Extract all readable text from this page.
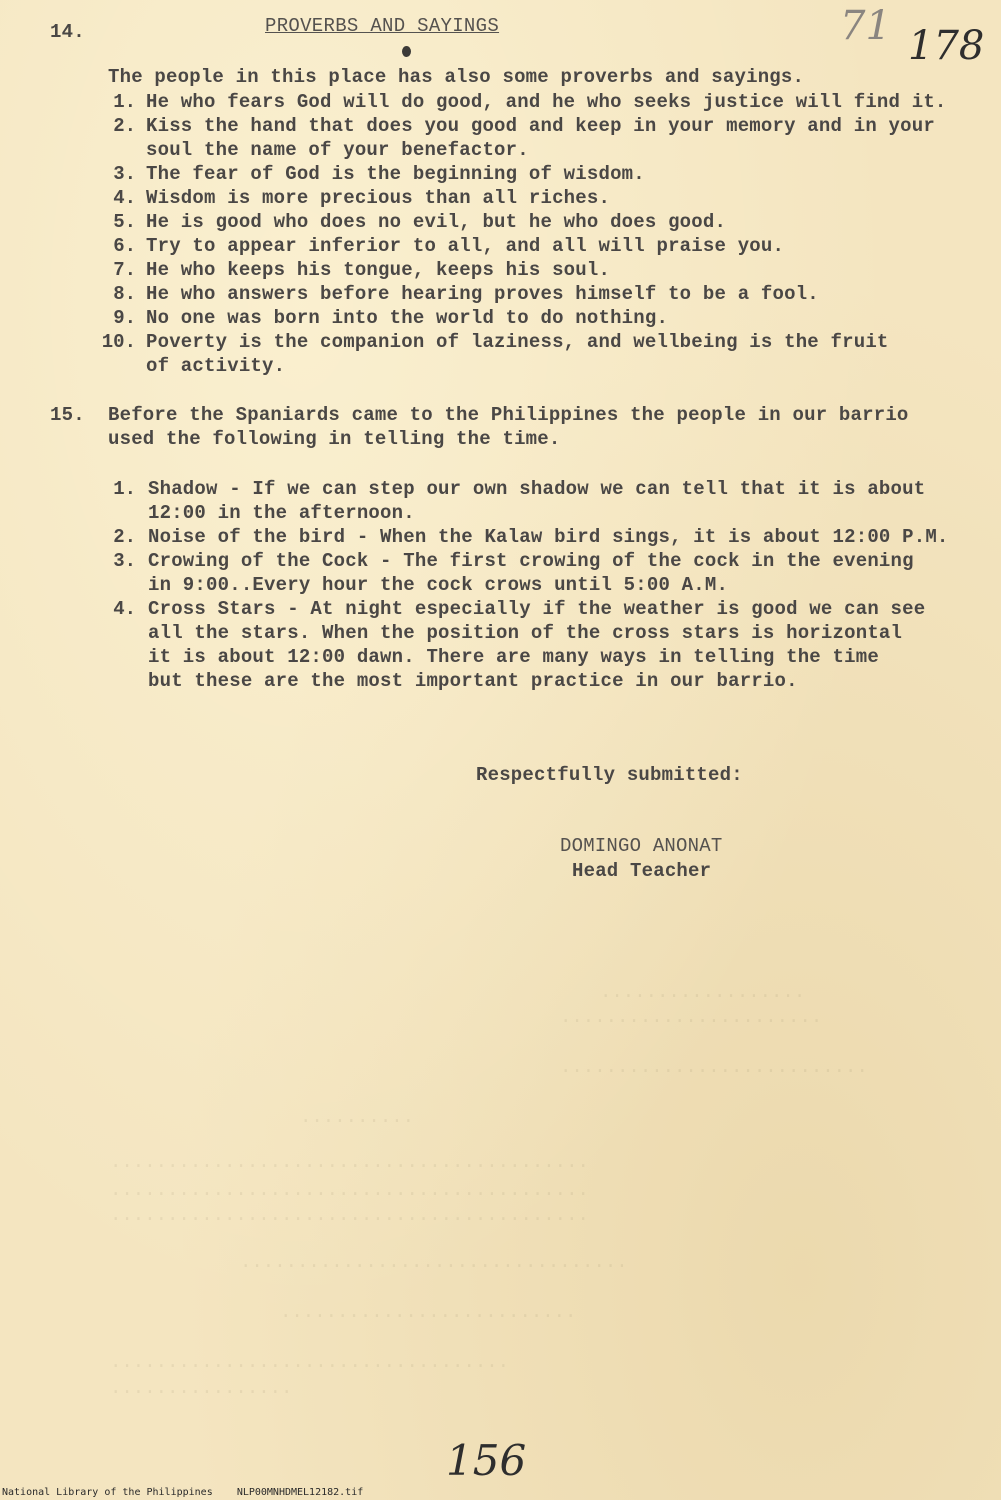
..................
.......................
...........................
..........
..........................................
..........................................
..........................................
..................................
..........................
...................................
................
14.	PROVERBS AND SAYINGS
The people in this place has also some proverbs and sayings.
1. He who fears God will do good, and he who seeks justice will find it.
2. Kiss the hand that does you good and keep in your memory and in your
soul the name of your benefactor.
3. The fear of God is the beginning of wisdom.
4. Wisdom is more precious than all riches.
5. He is good who does no evil, but he who does good.
6. Try to appear inferior to all, and all will praise you.
7. He who keeps his tongue, keeps his soul.
8. He who answers before hearing proves himself to be a fool.
9. No one was born into the world to do nothing.
10. Poverty is the companion of laziness, and wellbeing is the fruit
of activity.
15. Before the Spaniards came to the Philippines the people in our barrio
used the following in telling the time.
1. Shadow - If we can step our own shadow we can tell that it is about
12:00 in the afternoon.
2. Noise of the bird - When the Kalaw bird sings, it is about 12:00 P.M.
3. Crowing of the Cock - The first crowing of the cock in the evening
in 9:00..Every hour the cock crows until 5:00 A.M.
4. Cross Stars - At night especially if the weather is good we can see
all the stars. When the position of the cross stars is horizontal
it is about 12:00 dawn. There are many ways in telling the time
but these are the most important practice in our barrio.
Respectfully submitted:
DOMINGO ANONAT
Head Teacher
71 178
156
National Library of the Philippines NLP00MNHDMEL12182.tif
